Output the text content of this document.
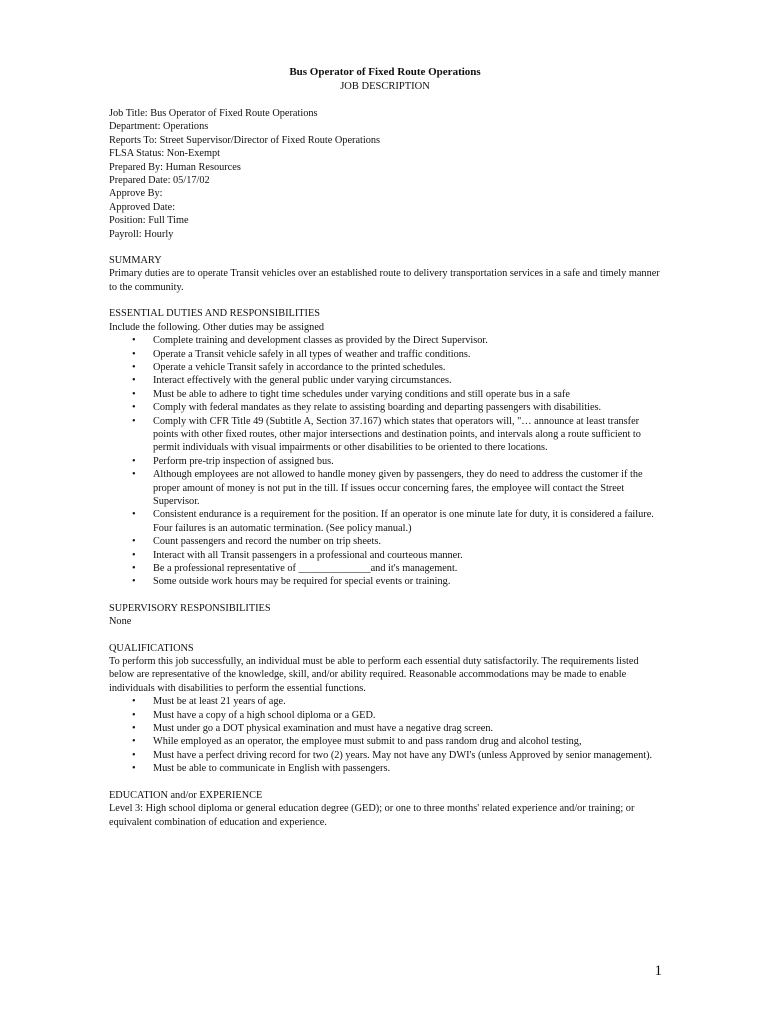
Bus Operator of Fixed Route Operations
JOB DESCRIPTION
Job Title: Bus Operator of Fixed Route Operations
Department: Operations
Reports To: Street Supervisor/Director of Fixed Route Operations
FLSA Status: Non-Exempt
Prepared By: Human Resources
Prepared Date: 05/17/02
Approve By:
Approved Date:
Position: Full Time
Payroll: Hourly
SUMMARY
Primary duties are to operate Transit vehicles over an established route to delivery transportation services in a safe and timely manner to the community.
ESSENTIAL DUTIES AND RESPONSIBILITIES
Include the following. Other duties may be assigned
• Complete training and development classes as provided by the Direct Supervisor.
• Operate a Transit vehicle safely in all types of weather and traffic conditions.
• Operate a vehicle Transit safely in accordance to the printed schedules.
• Interact effectively with the general public under varying circumstances.
• Must be able to adhere to tight time schedules under varying conditions and still operate bus in a safe
• Comply with federal mandates as they relate to assisting boarding and departing passengers with disabilities.
• Comply with CFR Title 49 (Subtitle A, Section 37.167) which states that operators will, "… announce at least transfer points with other fixed routes, other major intersections and destination points, and intervals along a route sufficient to permit individuals with visual impairments or other disabilities to be oriented to there locations.
• Perform pre-trip inspection of assigned bus.
• Although employees are not allowed to handle money given by passengers, they do need to address the customer if the proper amount of money is not put in the till. If issues occur concerning fares, the employee will contact the Street Supervisor.
• Consistent endurance is a requirement for the position. If an operator is one minute late for duty, it is considered a failure. Four failures is an automatic termination. (See policy manual.)
• Count passengers and record the number on trip sheets.
• Interact with all Transit passengers in a professional and courteous manner.
• Be a professional representative of ______________and it's management.
• Some outside work hours may be required for special events or training.
SUPERVISORY RESPONSIBILITIES
None
QUALIFICATIONS
To perform this job successfully, an individual must be able to perform each essential duty satisfactorily. The requirements listed below are representative of the knowledge, skill, and/or ability required. Reasonable accommodations may be made to enable individuals with disabilities to perform the essential functions.
• Must be at least 21 years of age.
• Must have a copy of a high school diploma or a GED.
• Must under go a DOT physical examination and must have a negative drag screen.
• While employed as an operator, the employee must submit to and pass random drug and alcohol testing,
• Must have a perfect driving record for two (2) years. May not have any DWI's (unless Approved by senior management).
• Must be able to communicate in English with passengers.
EDUCATION and/or EXPERIENCE
Level 3: High school diploma or general education degree (GED); or one to three months' related experience and/or training; or equivalent combination of education and experience.
1
